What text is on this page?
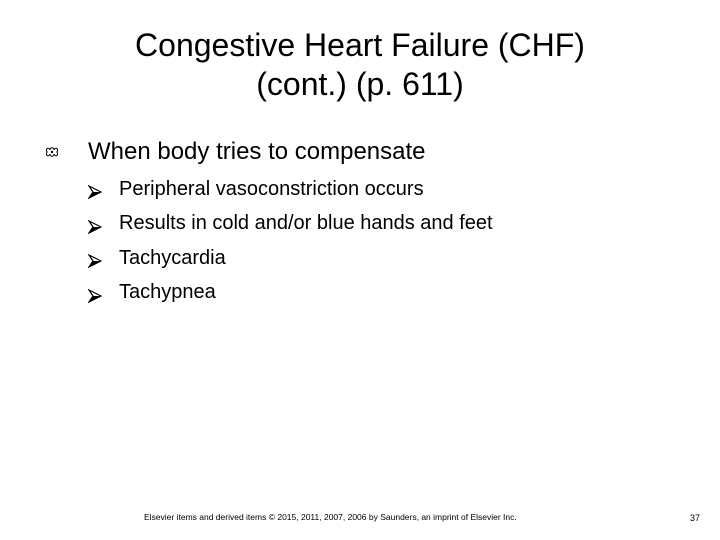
Congestive Heart Failure (CHF)
(cont.) (p. 611)
When body tries to compensate
Peripheral vasoconstriction occurs
Results in cold and/or blue hands and feet
Tachycardia
Tachypnea
Elsevier items and derived items © 2015, 2011, 2007, 2006 by Saunders, an imprint of Elsevier Inc.	37
